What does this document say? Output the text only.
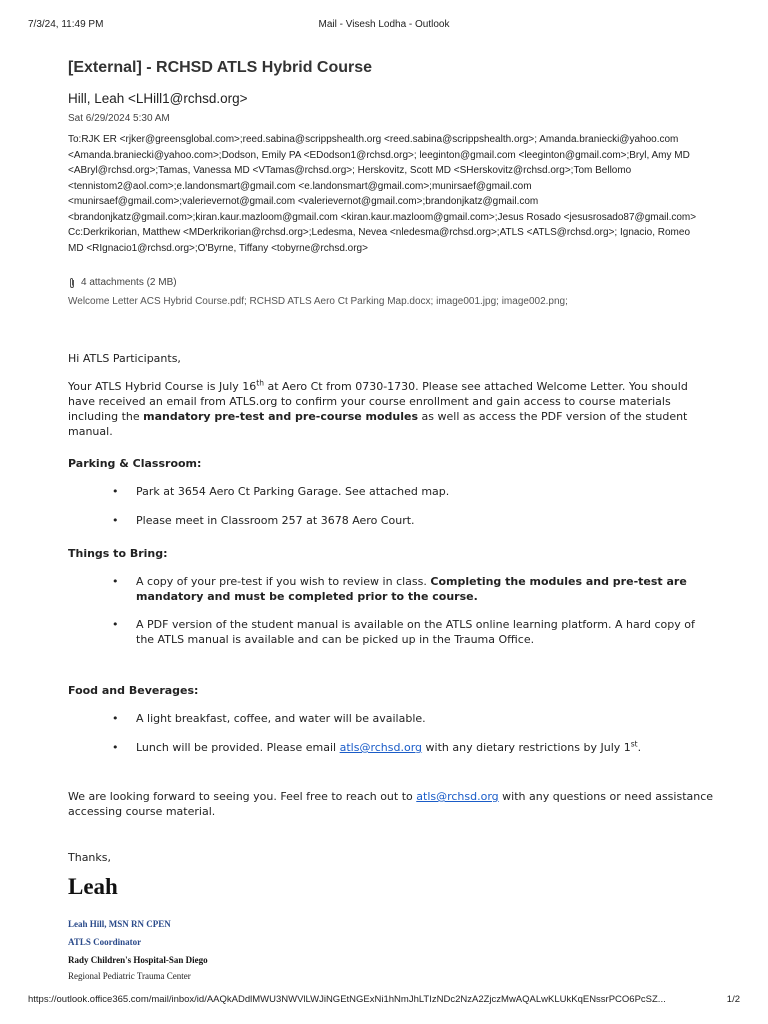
7/3/24, 11:49 PM	Mail - Visesh Lodha - Outlook
[External] - RCHSD ATLS Hybrid Course
Hill, Leah <LHill1@rchsd.org>
Sat 6/29/2024 5:30 AM
To:RJK ER <rjker@greensglobal.com>;reed.sabina@scrippshealth.org <reed.sabina@scrippshealth.org>; Amanda.braniecki@yahoo.com <Amanda.braniecki@yahoo.com>;Dodson, Emily PA <EDodson1@rchsd.org>; leeginton@gmail.com <leeginton@gmail.com>;Bryl, Amy MD <ABryl@rchsd.org>;Tamas, Vanessa MD <VTamas@rchsd.org>; Herskovitz, Scott MD <SHerskovitz@rchsd.org>;Tom Bellomo <tennistom2@aol.com>;e.landonsmart@gmail.com <e.landonsmart@gmail.com>;munirsaef@gmail.com <munirsaef@gmail.com>;valerievernot@gmail.com <valerievernot@gmail.com>;brandonjkatz@gmail.com <brandonjkatz@gmail.com>;kiran.kaur.mazloom@gmail.com <kiran.kaur.mazloom@gmail.com>;Jesus Rosado <jesusrosado87@gmail.com>
Cc:Derkrikorian, Matthew <MDerkrikorian@rchsd.org>;Ledesma, Nevea <nledesma@rchsd.org>;ATLS <ATLS@rchsd.org>; Ignacio, Romeo MD <RIgnacio1@rchsd.org>;O'Byrne, Tiffany <tobyrne@rchsd.org>
4 attachments (2 MB)
Welcome Letter ACS Hybrid Course.pdf; RCHSD ATLS Aero Ct Parking Map.docx; image001.jpg; image002.png;

Hi ATLS Participants,

Your ATLS Hybrid Course is July 16th at Aero Ct from 0730-1730. Please see attached Welcome Letter. You should have received an email from ATLS.org to confirm your course enrollment and gain access to course materials including the mandatory pre-test and pre-course modules as well as access the PDF version of the student manual.

Parking & Classroom:

• Park at 3654 Aero Ct Parking Garage. See attached map.
• Please meet in Classroom 257 at 3678 Aero Court.

Things to Bring:

• A copy of your pre-test if you wish to review in class. Completing the modules and pre-test are mandatory and must be completed prior to the course.
• A PDF version of the student manual is available on the ATLS online learning platform. A hard copy of the ATLS manual is available and can be picked up in the Trauma Office.

Food and Beverages:

• A light breakfast, coffee, and water will be available.
• Lunch will be provided. Please email atls@rchsd.org with any dietary restrictions by July 1st.

We are looking forward to seeing you. Feel free to reach out to atls@rchsd.org with any questions or need assistance accessing course material.

Thanks,

Leah
Leah Hill, MSN RN CPEN
ATLS Coordinator
Rady Children's Hospital-San Diego
Regional Pediatric Trauma Center
https://outlook.office365.com/mail/inbox/id/AAQkADdlMWU3NWVlLWJiNGEtNGExNi1hNmJhLTIzNDc2NzA2ZjczMwAQALwKLUkKqENssrPCO6PcSZ...	1/2
